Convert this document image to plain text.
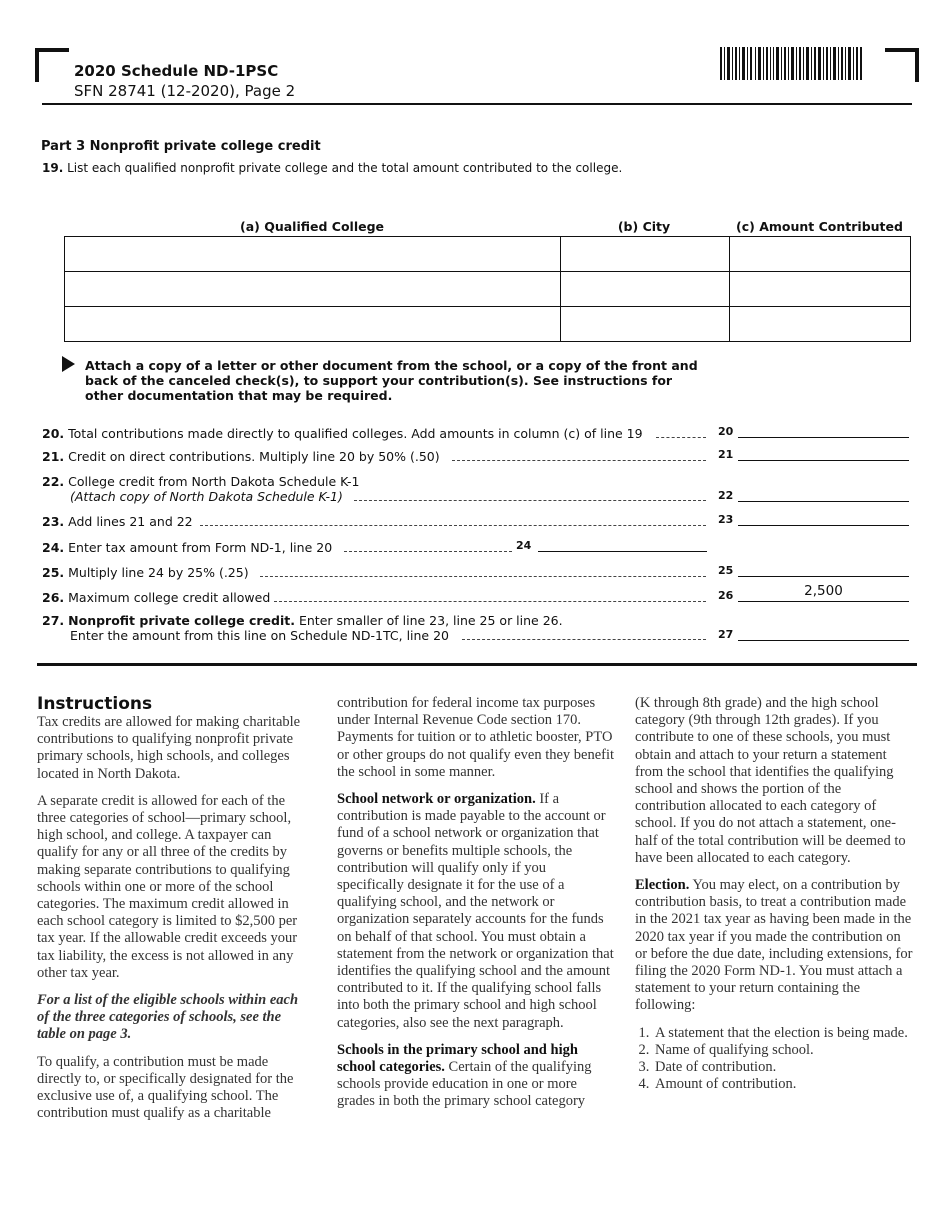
2020 Schedule ND-1PSC
SFN 28741 (12-2020), Page 2
Part 3 Nonprofit private college credit
19. List each qualified nonprofit private college and the total amount contributed to the college.
(a) Qualified College	(b) City	(c) Amount Contributed

Attach a copy of a letter or other document from the school, or a copy of the front and back of the canceled check(s), to support your contribution(s). See instructions for other documentation that may be required.
20. Total contributions made directly to qualified colleges. Add amounts in column (c) of line 19	20
21. Credit on direct contributions. Multiply line 20 by 50% (.50)	21
22. College credit from North Dakota Schedule K-1
(Attach copy of North Dakota Schedule K-1)	22
23. Add lines 21 and 22	23
24. Enter tax amount from Form ND-1, line 20	24
25. Multiply line 24 by 25% (.25)	25
26. Maximum college credit allowed	26	2,500
27. Nonprofit private college credit. Enter smaller of line 23, line 25 or line 26.
Enter the amount from this line on Schedule ND-1TC, line 20	27
Instructions

Tax credits are allowed for making charitable contributions to qualifying nonprofit private primary schools, high schools, and colleges located in North Dakota.

A separate credit is allowed for each of the three categories of school—primary school, high school, and college. A taxpayer can qualify for any or all three of the credits by making separate contributions to qualifying schools within one or more of the school categories. The maximum credit allowed in each school category is limited to $2,500 per tax year. If the allowable credit exceeds your tax liability, the excess is not allowed in any other tax year.

For a list of the eligible schools within each of the three categories of schools, see the table on page 3.

To qualify, a contribution must be made directly to, or specifically designated for the exclusive use of, a qualifying school. The contribution must qualify as a charitable

contribution for federal income tax purposes under Internal Revenue Code section 170. Payments for tuition or to athletic booster, PTO or other groups do not qualify even they benefit the school in some manner.

School network or organization. If a contribution is made payable to the account or fund of a school network or organization that governs or benefits multiple schools, the contribution will qualify only if you specifically designate it for the use of a qualifying school, and the network or organization separately accounts for the funds on behalf of that school. You must obtain a statement from the network or organization that identifies the qualifying school and the amount contributed to it. If the qualifying school falls into both the primary school and high school categories, also see the next paragraph.

Schools in the primary school and high school categories. Certain of the qualifying schools provide education in one or more grades in both the primary school category

(K through 8th grade) and the high school category (9th through 12th grades). If you contribute to one of these schools, you must obtain and attach to your return a statement from the school that identifies the qualifying school and shows the portion of the contribution allocated to each category of school. If you do not attach a statement, one-half of the total contribution will be deemed to have been allocated to each category.

Election. You may elect, on a contribution by contribution basis, to treat a contribution made in the 2021 tax year as having been made in the 2020 tax year if you made the contribution on or before the due date, including extensions, for filing the 2020 Form ND-1. You must attach a statement to your return containing the following:

1. A statement that the election is being made.
2. Name of qualifying school.
3. Date of contribution.
4. Amount of contribution.
